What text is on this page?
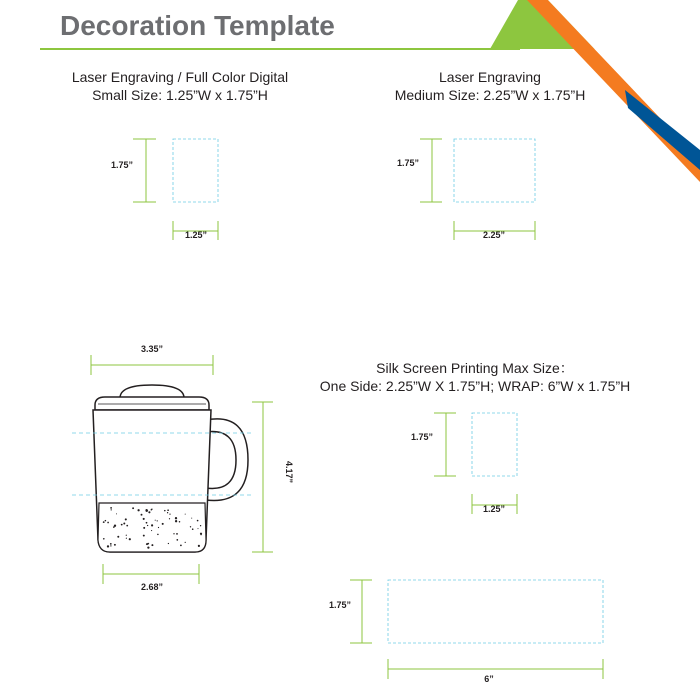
Decoration Template
1.75”
1.25”
1.75”
2.25”
3.35”
4.17”
2.68”
1.75”
1.25”
1.75”
6”
Laser Engraving / Full Color Digital
Small Size: 1.25”W x 1.75”H
Laser Engraving
Medium Size: 2.25”W x 1.75”H
Silk Screen Printing Max Size：
One Side: 2.25”W X 1.75”H; WRAP: 6”W x 1.75”H
